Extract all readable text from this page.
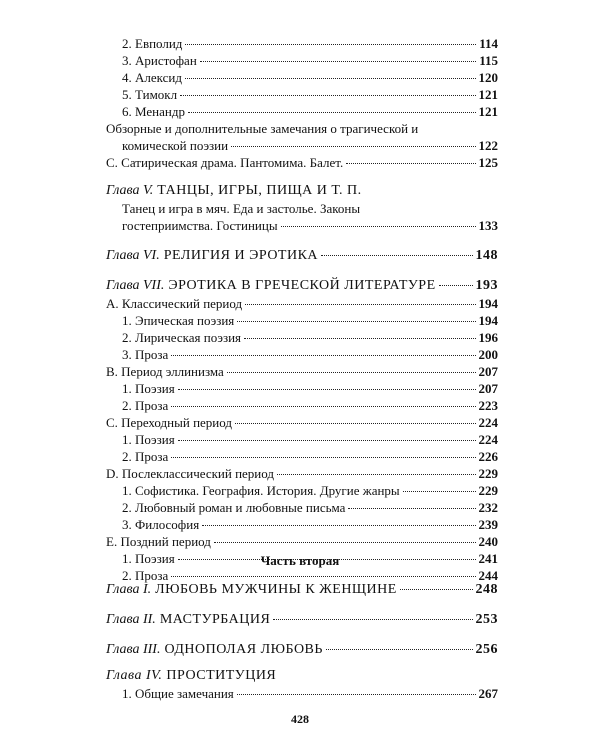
2. Евполид	114
3. Аристофан	115
4. Алексид	120
5. Тимокл	121
6. Менандр	121
Обзорные и дополнительные замечания о трагической и
комической поэзии	122
С. Сатирическая драма. Пантомима. Балет.	125
Глава V. ТАНЦЫ, ИГРЫ, ПИЩА И Т. П.
Танец и игра в мяч. Еда и застолье. Законы
гостеприимства. Гостиницы	133
Глава VI. РЕЛИГИЯ И ЭРОТИКА	148
Глава VII. ЭРОТИКА В ГРЕЧЕСКОЙ ЛИТЕРАТУРЕ	193
А. Классический период	194
1. Эпическая поэзия	194
2. Лирическая поэзия	196
3. Проза	200
В. Период эллинизма	207
1. Поэзия	207
2. Проза	223
С. Переходный период	224
1. Поэзия	224
2. Проза	226
D. Послеклассический период	229
1. Софистика. География. История. Другие жанры	229
2. Любовный роман и любовные письма	232
3. Философия	239
Е. Поздний период	240
1. Поэзия	241
2. Проза	244
Часть вторая
Глава I. ЛЮБОВЬ МУЖЧИНЫ К ЖЕНЩИНЕ	248
Глава II. МАСТУРБАЦИЯ	253
Глава III. ОДНОПОЛАЯ ЛЮБОВЬ	256
Глава IV. ПРОСТИТУЦИЯ
1. Общие замечания	267
428
